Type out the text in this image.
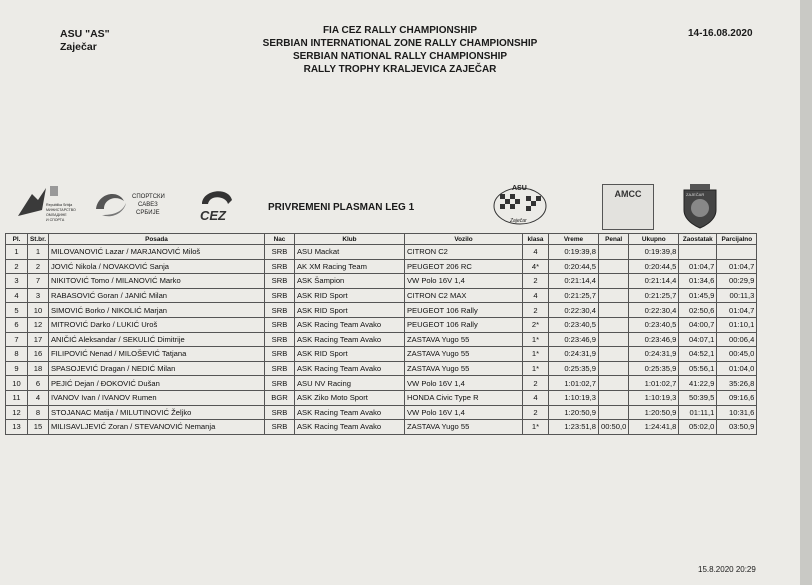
ASU "AS"
Zaječar
FIA CEZ RALLY CHAMPIONSHIP
SERBIAN INTERNATIONAL ZONE RALLY CHAMPIONSHIP
SERBIAN NATIONAL RALLY CHAMPIONSHIP
RALLY TROPHY KRALJEVICA ZAJEČAR
14-16.08.2020
Republika Srbija
МИНИСТАРСТВО
ОМЛАДИНЕ
И СПОРТА
СПОРТСКИ
САВЕЗ
СРБИЈЕ	CEZ
PRIVREMENI PLASMAN LEG 1
ASU
Zaječar
AMCC	ZAJEČAR
Pl.	St.br.	Posada	Nac	Klub	Vozilo	klasa	Vreme	Penal	Ukupno	Zaostatak	Parcijalno
1	1	MILOVANOVIĆ Lazar / MARJANOVIĆ Miloš	SRB	ASU Mackat	CITRON C2	4	0:19:39,8		0:19:39,8		
2	2	JOVIĆ Nikola / NOVAKOVIĆ Sanja	SRB	AK XM Racing Team	PEUGEOT 206 RC	4*	0:20:44,5		0:20:44,5	01:04,7	01:04,7
3	7	NIKITOVIĆ Tomo / MILANOVIĆ Marko	SRB	ASK Šampion	VW Polo 16V 1,4	2	0:21:14,4		0:21:14,4	01:34,6	00:29,9
4	3	RABASOVIĆ Goran / JANIĆ Milan	SRB	ASK RID Sport	CITRON C2 MAX	4	0:21:25,7		0:21:25,7	01:45,9	00:11,3
5	10	SIMOVIĆ Borko / NIKOLIĆ Marjan	SRB	ASK RID Sport	PEUGEOT 106 Rally	2	0:22:30,4		0:22:30,4	02:50,6	01:04,7
6	12	MITROVIĆ Darko / LUKIĆ Uroš	SRB	ASK Racing Team Avako	PEUGEOT 106 Rally	2*	0:23:40,5		0:23:40,5	04:00,7	01:10,1
7	17	ANIČIĆ Aleksandar / SEKULIĆ Dimitrije	SRB	ASK Racing Team Avako	ZASTAVA Yugo 55	1*	0:23:46,9		0:23:46,9	04:07,1	00:06,4
8	16	FILIPOVIĆ Nenad / MILOŠEVIĆ Tatjana	SRB	ASK RID Sport	ZASTAVA Yugo 55	1*	0:24:31,9		0:24:31,9	04:52,1	00:45,0
9	18	SPASOJEVIĆ Dragan / NEDIĆ Milan	SRB	ASK Racing Team Avako	ZASTAVA Yugo 55	1*	0:25:35,9		0:25:35,9	05:56,1	01:04,0
10	6	PEJIĆ Dejan / ĐOKOVIĆ Dušan	SRB	ASU NV Racing	VW Polo 16V 1,4	2	1:01:02,7		1:01:02,7	41:22,9	35:26,8
11	4	IVANOV Ivan / IVANOV Rumen	BGR	ASK Ziko Moto Sport	HONDA Civic Type R	4	1:10:19,3		1:10:19,3	50:39,5	09:16,6
12	8	STOJANAC Matija / MILUTINOVIĆ Željko	SRB	ASK Racing Team Avako	VW Polo 16V 1,4	2	1:20:50,9		1:20:50,9	01:11,1	10:31,6
13	15	MILISAVLJEVIĆ Zoran / STEVANOVIĆ Nemanja	SRB	ASK Racing Team Avako	ZASTAVA Yugo 55	1*	1:23:51,8	00:50,0	1:24:41,8	05:02,0	03:50,9
15.8.2020 20:29
